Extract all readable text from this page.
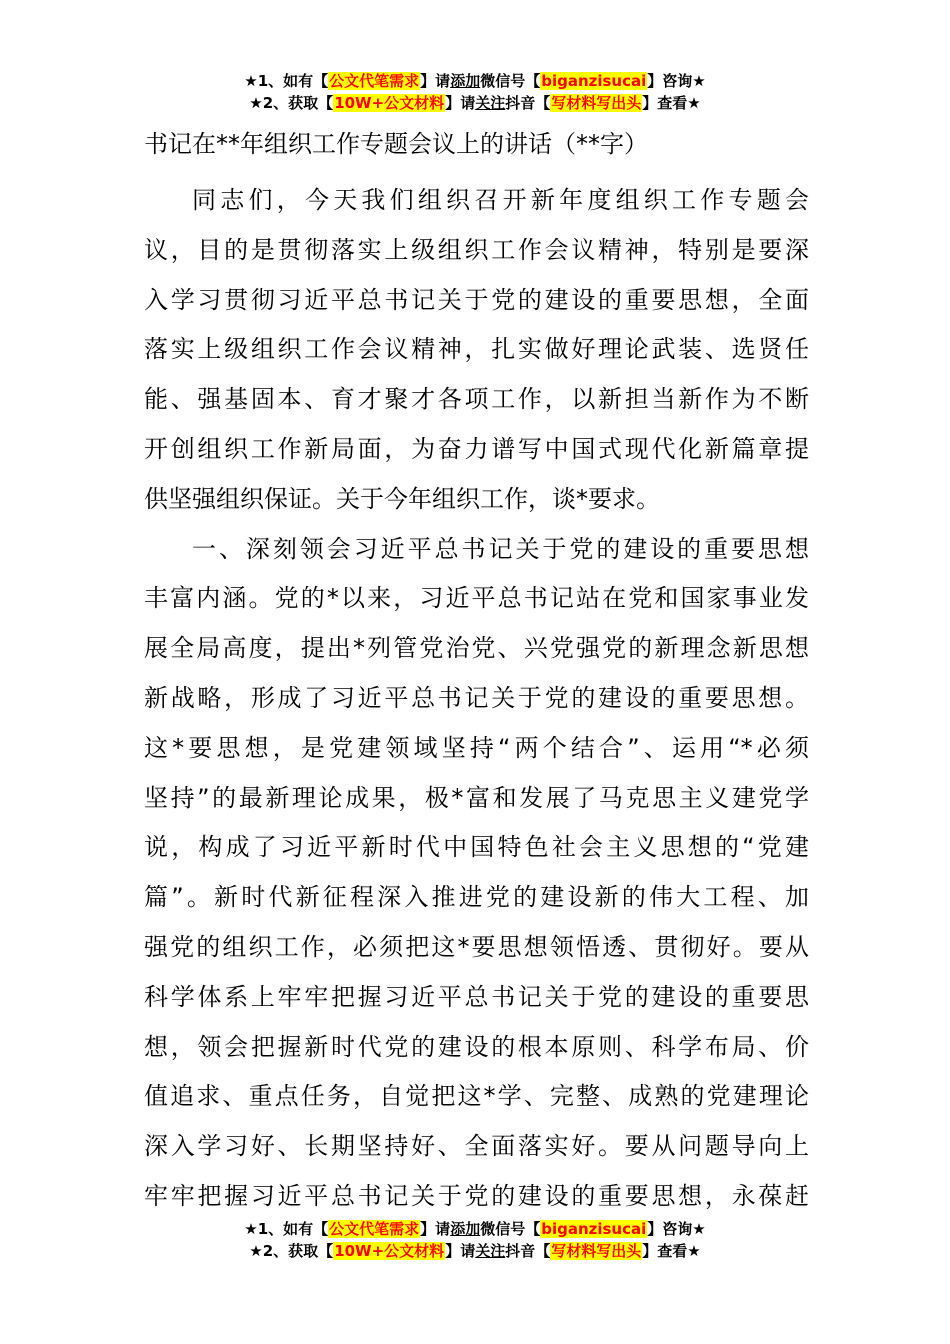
★1、如有【公文代笔需求】请添加微信号【biganzisucai】咨询★
★2、获取【10W+公文材料】请关注抖音【写材料写出头】查看★
书记在**年组织工作专题会议上的讲话（**字）
同志们，今天我们组织召开新年度组织工作专题会
议，目的是贯彻落实上级组织工作会议精神，特别是要深
入学习贯彻习近平总书记关于党的建设的重要思想，全面
落实上级组织工作会议精神，扎实做好理论武装、选贤任
能、强基固本、育才聚才各项工作，以新担当新作为不断
开创组织工作新局面，为奋力谱写中国式现代化新篇章提
供坚强组织保证。关于今年组织工作，谈*要求。
一、深刻领会习近平总书记关于党的建设的重要思想
丰富内涵。党的*以来，习近平总书记站在党和国家事业发
展全局高度，提出*列管党治党、兴党强党的新理念新思想
新战略，形成了习近平总书记关于党的建设的重要思想。
这*要思想，是党建领域坚持“两个结合”、运用“*必须
坚持”的最新理论成果，极*富和发展了马克思主义建党学
说，构成了习近平新时代中国特色社会主义思想的“党建
篇”。新时代新征程深入推进党的建设新的伟大工程、加
强党的组织工作，必须把这*要思想领悟透、贯彻好。要从
科学体系上牢牢把握习近平总书记关于党的建设的重要思
想，领会把握新时代党的建设的根本原则、科学布局、价
值追求、重点任务，自觉把这*学、完整、成熟的党建理论
深入学习好、长期坚持好、全面落实好。要从问题导向上
牢牢把握习近平总书记关于党的建设的重要思想，永葆赶
★1、如有【公文代笔需求】请添加微信号【biganzisucai】咨询★
★2、获取【10W+公文材料】请关注抖音【写材料写出头】查看★
